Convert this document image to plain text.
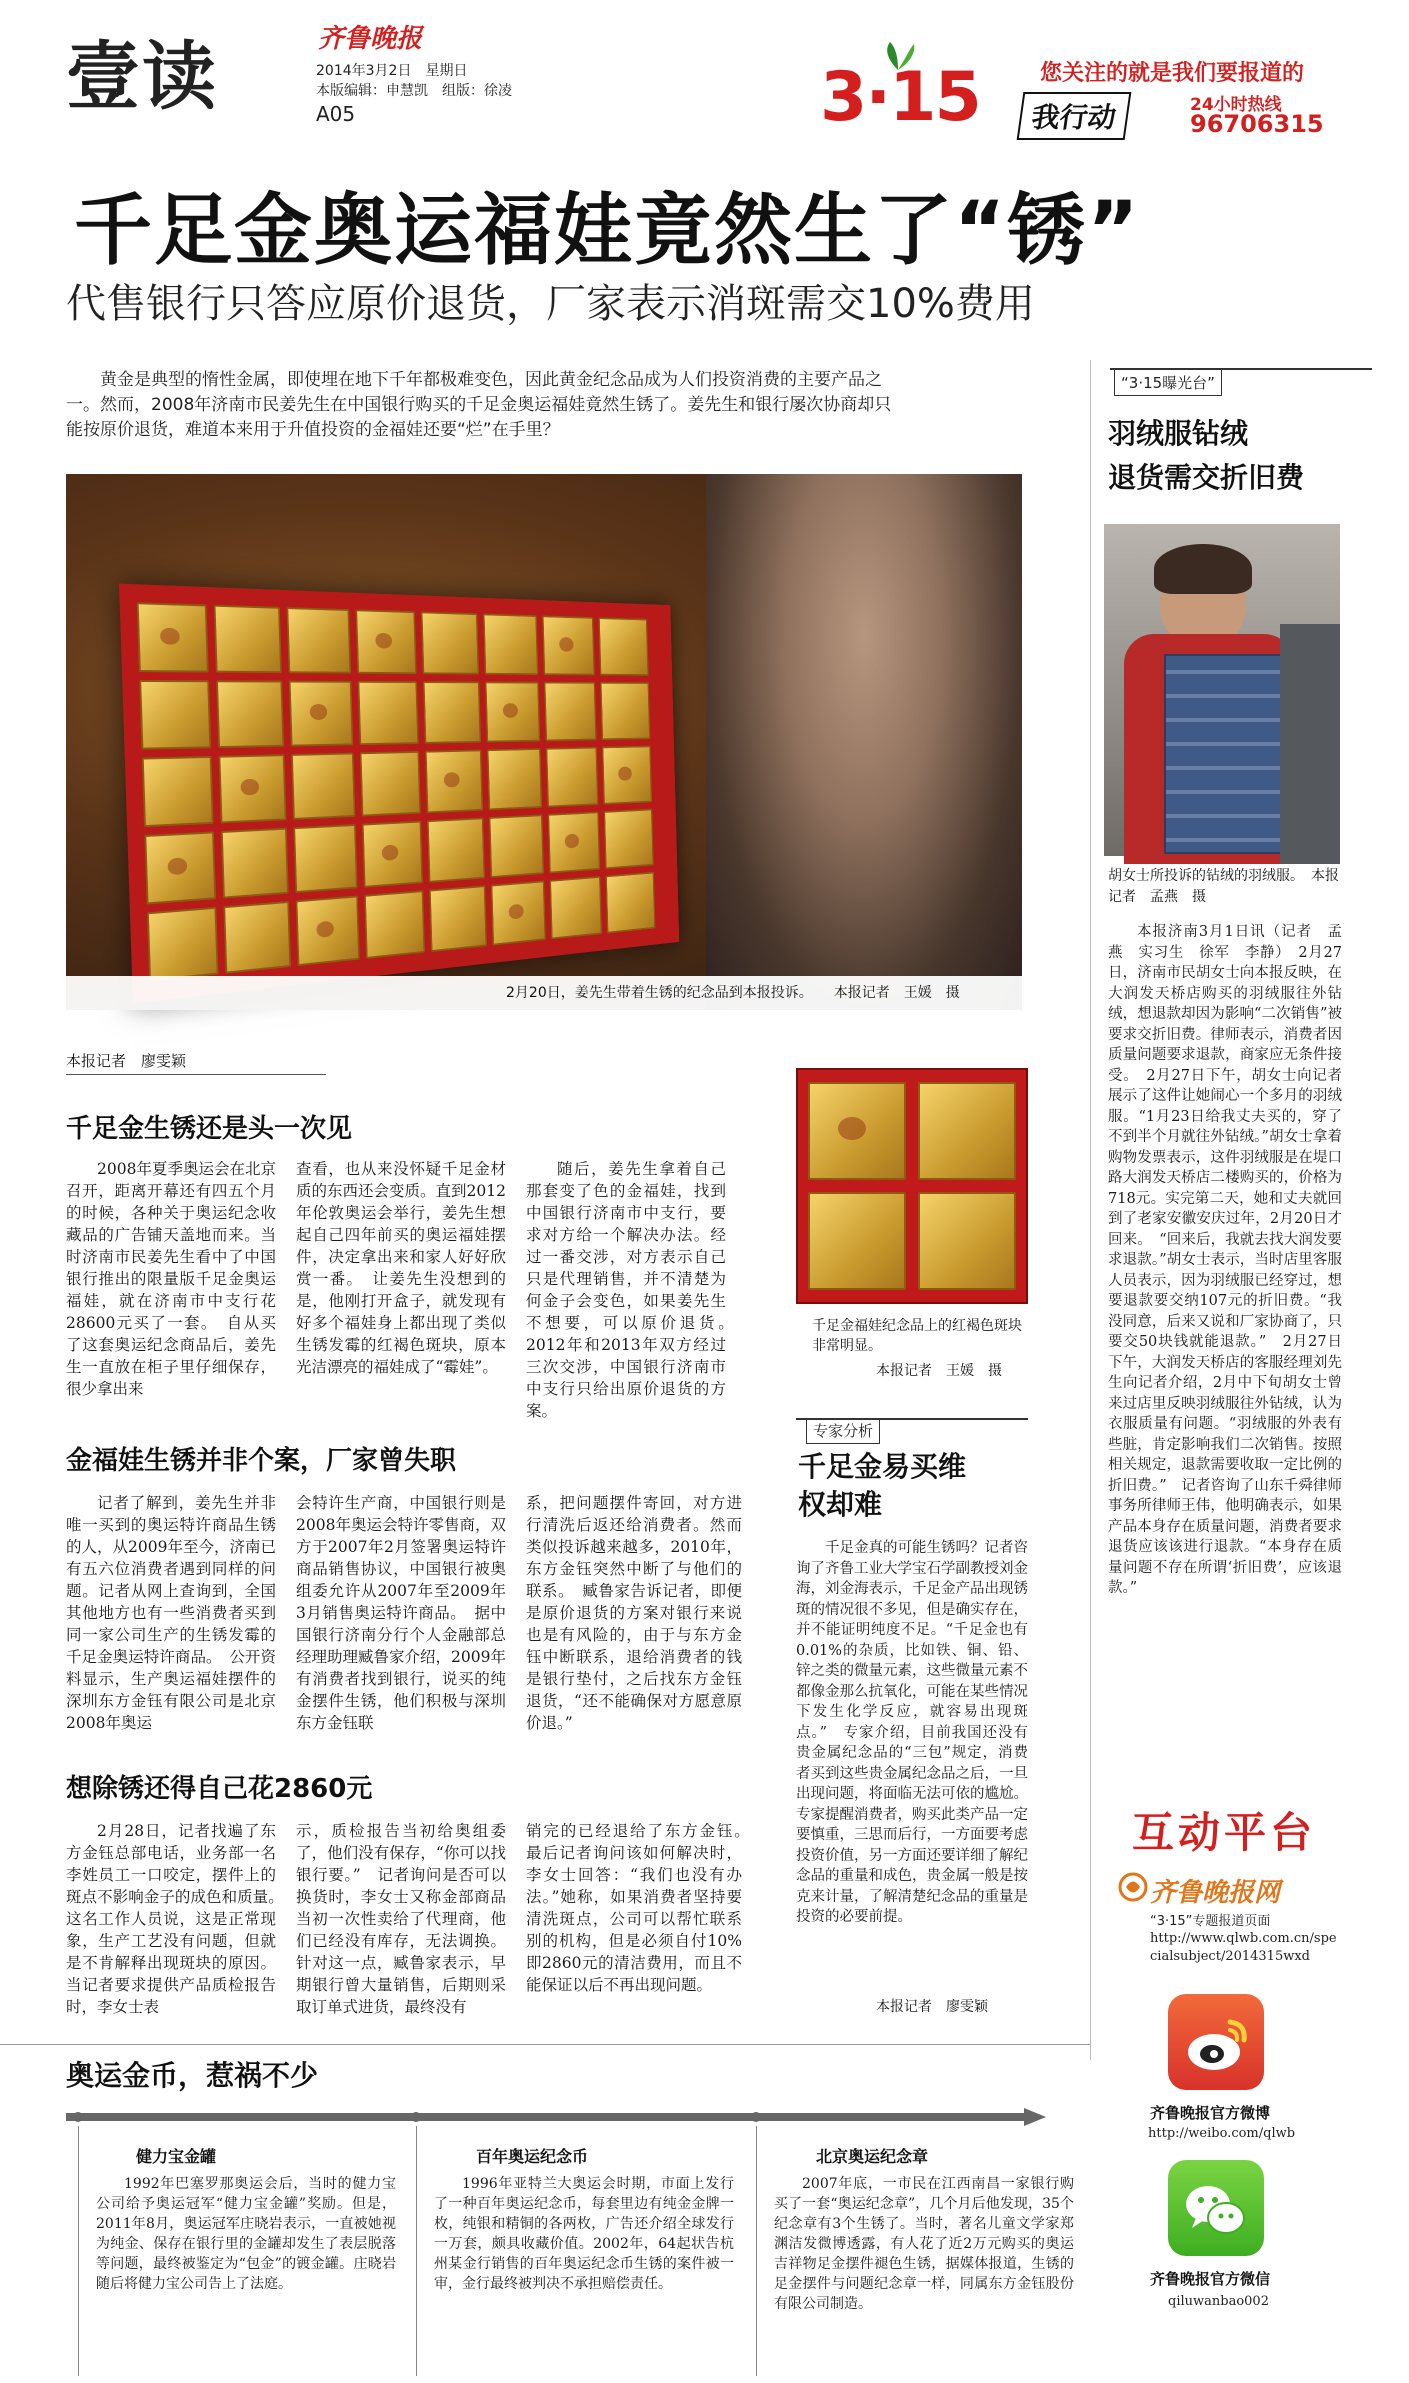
壹读	齐鲁晚报
2014年3月2日　星期日
本版编辑：申慧凯　组版：徐凌
A05	3·15	您关注的就是我们要报道的
我行动	24小时热线
96706315
千足金奥运福娃竟然生了“锈”
代售银行只答应原价退货，厂家表示消斑需交10%费用
黄金是典型的惰性金属，即使埋在地下千年都极难变色，因此黄金纪念品成为人们投资消费的主要产品之一。然而，2008年济南市民姜先生在中国银行购买的千足金奥运福娃竟然生锈了。姜先生和银行屡次协商却只能按原价退货，难道本来用于升值投资的金福娃还要“烂”在手里？
2月20日，姜先生带着生锈的纪念品到本报投诉。　　本报记者　王媛　摄
本报记者　廖雯颖
千足金生锈还是头一次见
2008年夏季奥运会在北京召开，距离开幕还有四五个月的时候，各种关于奥运纪念收藏品的广告铺天盖地而来。当时济南市民姜先生看中了中国银行推出的限量版千足金奥运福娃，就在济南市中支行花28600元买了一套。　自从买了这套奥运纪念商品后，姜先生一直放在柜子里仔细保存，很少拿出来
查看，也从来没怀疑千足金材质的东西还会变质。直到2012年伦敦奥运会举行，姜先生想起自己四年前买的奥运福娃摆件，决定拿出来和家人好好欣赏一番。　让姜先生没想到的是，他刚打开盒子，就发现有好多个福娃身上都出现了类似生锈发霉的红褐色斑块，原本光洁漂亮的福娃成了“霉娃”。
随后，姜先生拿着自己那套变了色的金福娃，找到中国银行济南市中支行，要求对方给一个解决办法。经过一番交涉，对方表示自己只是代理销售，并不清楚为何金子会变色，如果姜先生不想要，可以原价退货。　2012年和2013年双方经过三次交涉，中国银行济南市中支行只给出原价退货的方案。
千足金福娃纪念品上的红褐色斑块非常明显。
本报记者　王媛　摄
金福娃生锈并非个案，厂家曾失职
记者了解到，姜先生并非唯一买到的奥运特许商品生锈的人，从2009年至今，济南已有五六位消费者遇到同样的问题。记者从网上查询到，全国其他地方也有一些消费者买到同一家公司生产的生锈发霉的千足金奥运特许商品。　公开资料显示，生产奥运福娃摆件的深圳东方金钰有限公司是北京2008年奥运
会特许生产商，中国银行则是2008年奥运会特许零售商，双方于2007年2月签署奥运特许商品销售协议，中国银行被奥组委允许从2007年至2009年3月销售奥运特许商品。　据中国银行济南分行个人金融部总经理助理臧鲁家介绍，2009年有消费者找到银行，说买的纯金摆件生锈，他们积极与深圳东方金钰联
系，把问题摆件寄回，对方进行清洗后返还给消费者。然而类似投诉越来越多，2010年，东方金钰突然中断了与他们的联系。　臧鲁家告诉记者，即便是原价退货的方案对银行来说也是有风险的，由于与东方金钰中断联系，退给消费者的钱是银行垫付，之后找东方金钰退货，“还不能确保对方愿意原价退。”
想除锈还得自己花2860元
2月28日，记者找遍了东方金钰总部电话，业务部一名李姓员工一口咬定，摆件上的斑点不影响金子的成色和质量。　这名工作人员说，这是正常现象，生产工艺没有问题，但就是不肯解释出现斑块的原因。当记者要求提供产品质检报告时，李女士表
示，质检报告当初给奥组委了，他们没有保存，“你可以找银行要。”　记者询问是否可以换货时，李女士又称金部商品当初一次性卖给了代理商，他们已经没有库存，无法调换。针对这一点，臧鲁家表示，早期银行曾大量销售，后期则采取订单式进货，最终没有
销完的已经退给了东方金钰。　最后记者询问该如何解决时，李女士回答：“我们也没有办法。”她称，如果消费者坚持要清洗斑点，公司可以帮忙联系别的机构，但是必须自付10%即2860元的清洁费用，而且不能保证以后不再出现问题。
专家分析
千足金易买维权却难
千足金真的可能生锈吗？记者咨询了齐鲁工业大学宝石学副教授刘金海，刘金海表示，千足金产品出现锈斑的情况很不多见，但是确实存在，并不能证明纯度不足。“千足金也有0.01%的杂质，比如铁、铜、铅、锌之类的微量元素，这些微量元素不都像金那么抗氧化，可能在某些情况下发生化学反应，就容易出现斑点。”　专家介绍，目前我国还没有贵金属纪念品的“三包”规定，消费者买到这些贵金属纪念品之后，一旦出现问题，将面临无法可依的尴尬。专家提醒消费者，购买此类产品一定要慎重，三思而后行，一方面要考虑投资价值，另一方面还要详细了解纪念品的重量和成色，贵金属一般是按克来计量，了解清楚纪念品的重量是投资的必要前提。
本报记者　廖雯颖
“3·15曝光台”
羽绒服钻绒
退货需交折旧费
胡女士所投诉的钻绒的羽绒服。　本报记者　孟燕　摄
本报济南3月1日讯（记者　孟燕　实习生　徐军　李静）　2月27日，济南市民胡女士向本报反映，在大润发天桥店购买的羽绒服往外钻绒，想退款却因为影响“二次销售”被要求交折旧费。律师表示，消费者因质量问题要求退款，商家应无条件接受。　2月27日下午，胡女士向记者展示了这件让她闹心一个多月的羽绒服。“1月23日给我丈夫买的，穿了不到半个月就往外钻绒。”胡女士拿着购物发票表示，这件羽绒服是在堤口路大润发天桥店二楼购买的，价格为718元。实完第二天，她和丈夫就回到了老家安徽安庆过年，2月20日才回来。　“回来后，我就去找大润发要求退款。”胡女士表示，当时店里客服人员表示，因为羽绒服已经穿过，想要退款要交纳107元的折旧费。“我没同意，后来又说和厂家协商了，只要交50块钱就能退款。”　2月27日下午，大润发天桥店的客服经理刘先生向记者介绍，2月中下旬胡女士曾来过店里反映羽绒服往外钻绒，认为衣服质量有问题。“羽绒服的外表有些脏，肯定影响我们二次销售。按照相关规定，退款需要收取一定比例的折旧费。”　记者咨询了山东千舜律师事务所律师王伟，他明确表示，如果产品本身存在质量问题，消费者要求退货应该该进行退款。“本身存在质量问题不存在所谓‘折旧费’，应该退款。”
互动平台
齐鲁晚报网
“3·15”专题报道页面
http://www.qlwb.com.cn/specialsubject/2014315wxd
齐鲁晚报官方微博
http://weibo.com/qlwb
齐鲁晚报官方微信
qiluwanbao002
奥运金币，惹祸不少
健力宝金罐
1992年巴塞罗那奥运会后，当时的健力宝公司给予奥运冠军“健力宝金罐”奖励。但是，2011年8月，奥运冠军庄晓岩表示，一直被她视为纯金、保存在银行里的金罐却发生了表层脱落等问题，最终被鉴定为“包金”的镀金罐。庄晓岩随后将健力宝公司告上了法庭。
百年奥运纪念币
1996年亚特兰大奥运会时期，市面上发行了一种百年奥运纪念币，每套里边有纯金金牌一枚，纯银和精铜的各两枚，广告还介绍全球发行一万套，颇具收藏价值。2002年，64起状告杭州某金行销售的百年奥运纪念币生锈的案件被一审，金行最终被判决不承担赔偿责任。
北京奥运纪念章
2007年底，一市民在江西南昌一家银行购买了一套“奥运纪念章”，几个月后他发现，35个纪念章有3个生锈了。当时，著名儿童文学家郑渊洁发微博透露，有人花了近2万元购买的奥运吉祥物足金摆件褪色生锈，据媒体报道，生锈的足金摆件与问题纪念章一样，同属东方金钰股份有限公司制造。
